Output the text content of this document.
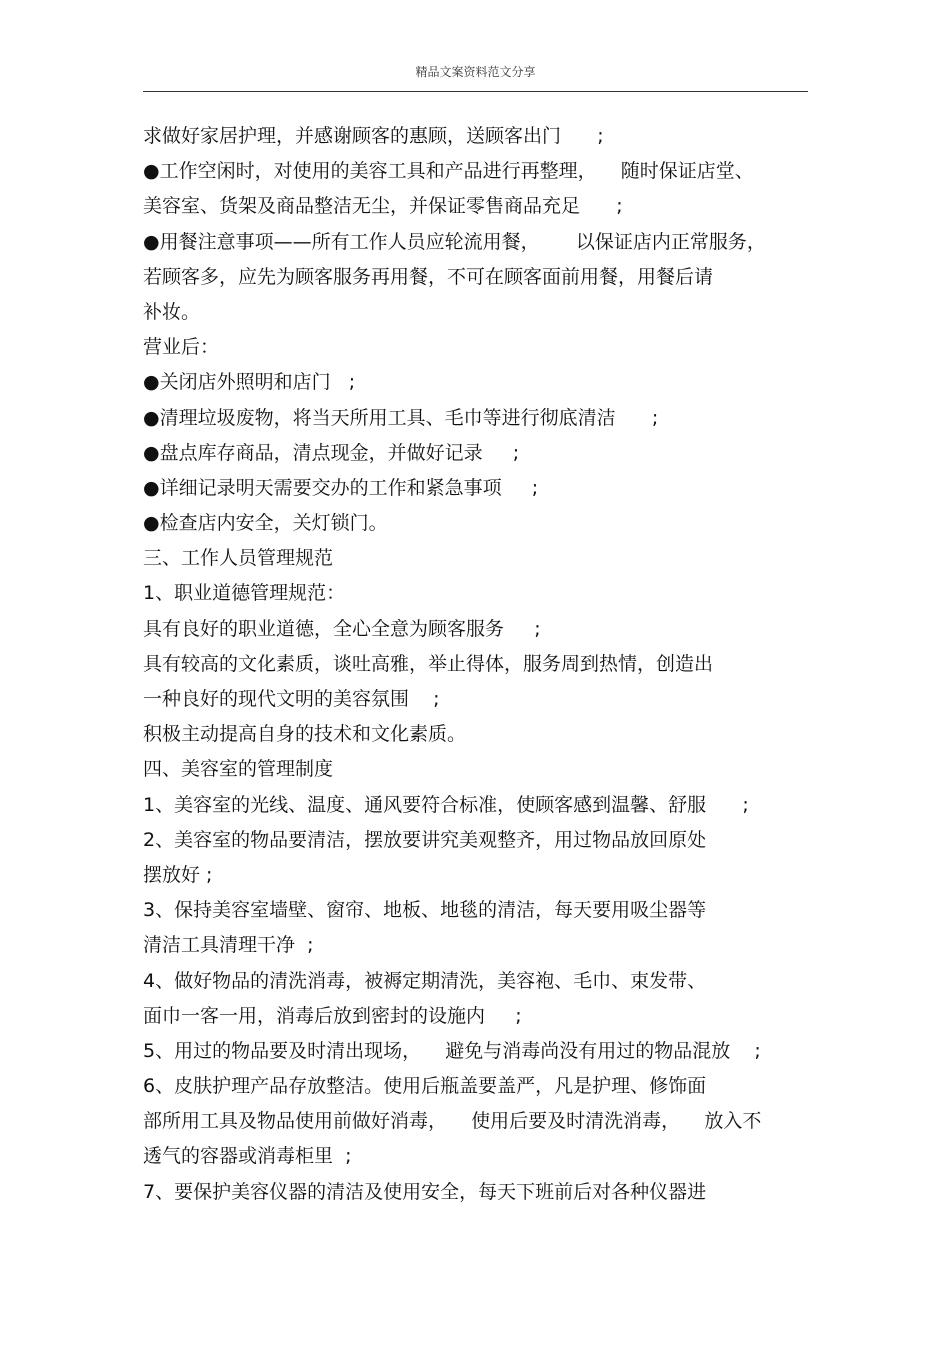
精品文案资料范文分享
求做好家居护理，并感谢顾客的惠顾，送顾客出门      ;
●工作空闲时，对使用的美容工具和产品进行再整理，    随时保证店堂、
美容室、货架及商品整洁无尘，并保证零售商品充足      ;
●用餐注意事项——所有工作人员应轮流用餐，      以保证店内正常服务，
若顾客多，应先为顾客服务再用餐，不可在顾客面前用餐，用餐后请
补妆。
营业后：
●关闭店外照明和店门   ;
●清理垃圾废物，将当天所用工具、毛巾等进行彻底清洁      ;
●盘点库存商品，清点现金，并做好记录     ;
●详细记录明天需要交办的工作和紧急事项     ;
●检查店内安全，关灯锁门。
三、工作人员管理规范
1、职业道德管理规范：
具有良好的职业道德，全心全意为顾客服务     ;
具有较高的文化素质，谈吐高雅，举止得体，服务周到热情，创造出
一种良好的现代文明的美容氛围    ;
积极主动提高自身的技术和文化素质。
四、美容室的管理制度
1、美容室的光线、温度、通风要符合标准，使顾客感到温馨、舒服      ;
2、美容室的物品要清洁，摆放要讲究美观整齐，用过物品放回原处
摆放好 ;
3、保持美容室墙壁、窗帘、地板、地毯的清洁，每天要用吸尘器等
清洁工具清理干净  ;
4、做好物品的清洗消毒，被褥定期清洗，美容袍、毛巾、束发带、
面巾一客一用，消毒后放到密封的设施内     ;
5、用过的物品要及时清出现场，    避免与消毒尚没有用过的物品混放    ;
6、皮肤护理产品存放整洁。使用后瓶盖要盖严，凡是护理、修饰面
部所用工具及物品使用前做好消毒，    使用后要及时清洗消毒，    放入不
透气的容器或消毒柜里  ;
7、要保护美容仪器的清洁及使用安全，每天下班前后对各种仪器进
